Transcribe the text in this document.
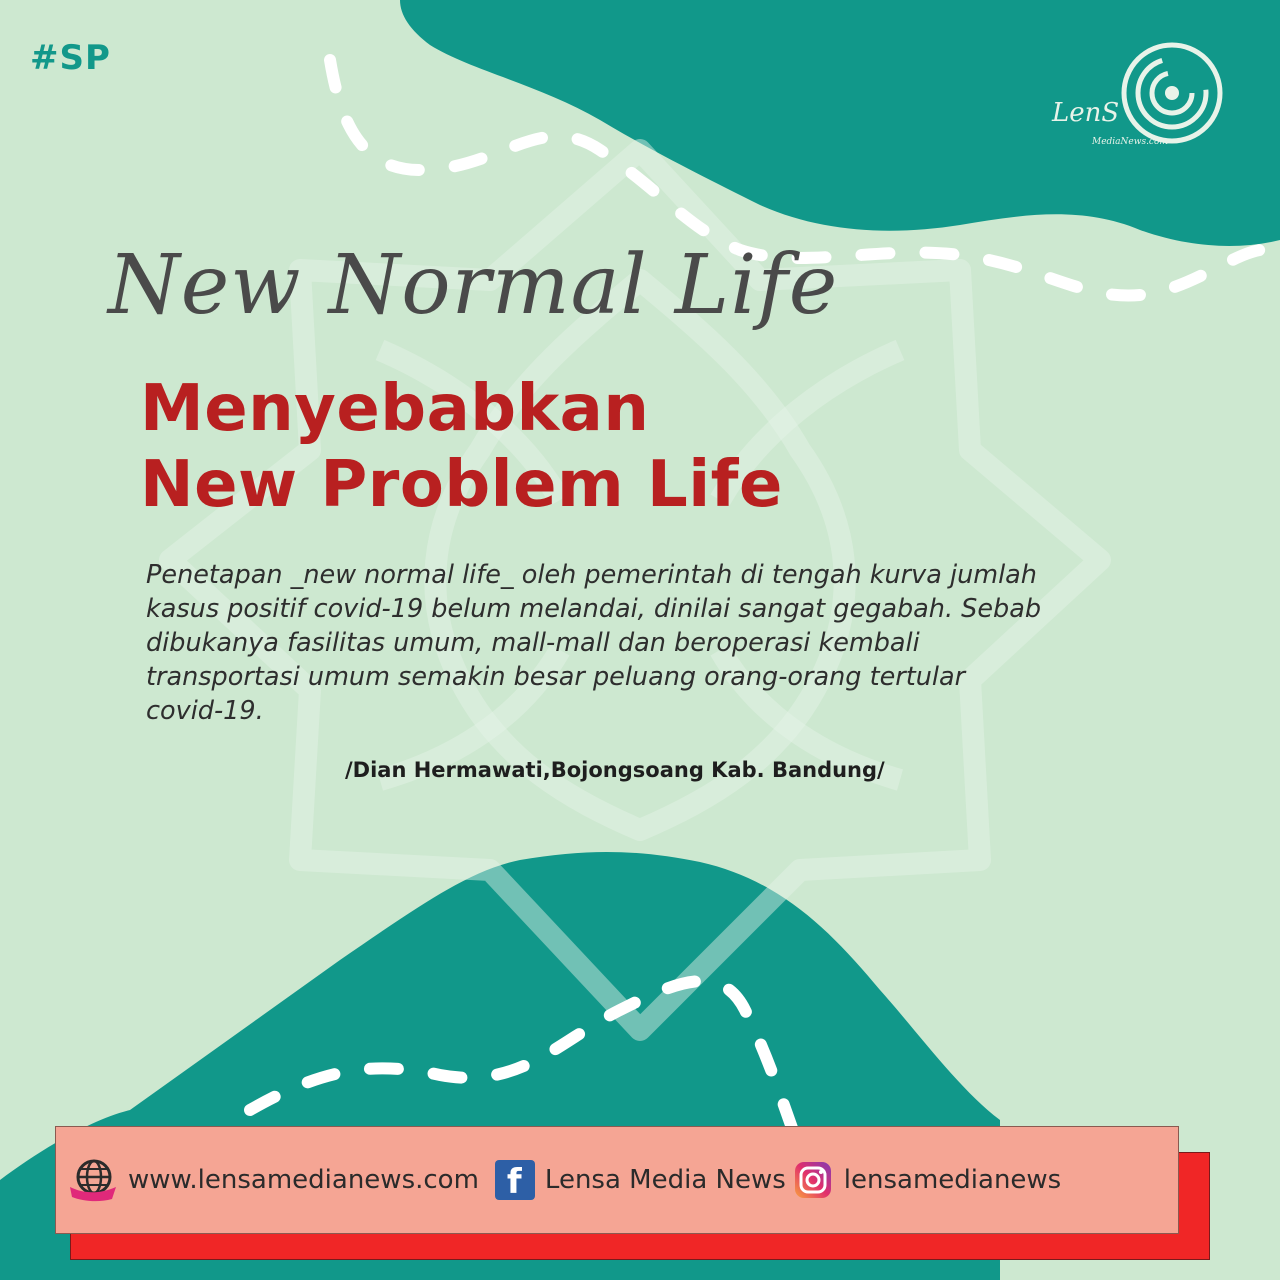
#SP
LenS
MediaNews.com
New Normal Life
Menyebabkan
New Problem Life
Penetapan _new normal life_ oleh pemerintah di tengah kurva jumlah kasus positif covid-19 belum melandai, dinilai sangat gegabah. Sebab dibukanya fasilitas umum, mall-mall dan beroperasi kembali transportasi umum semakin besar peluang orang-orang tertular covid-19.
/Dian Hermawati,Bojongsoang Kab. Bandung/
www.lensamedianews.com f Lensa Media News lensamedianews
